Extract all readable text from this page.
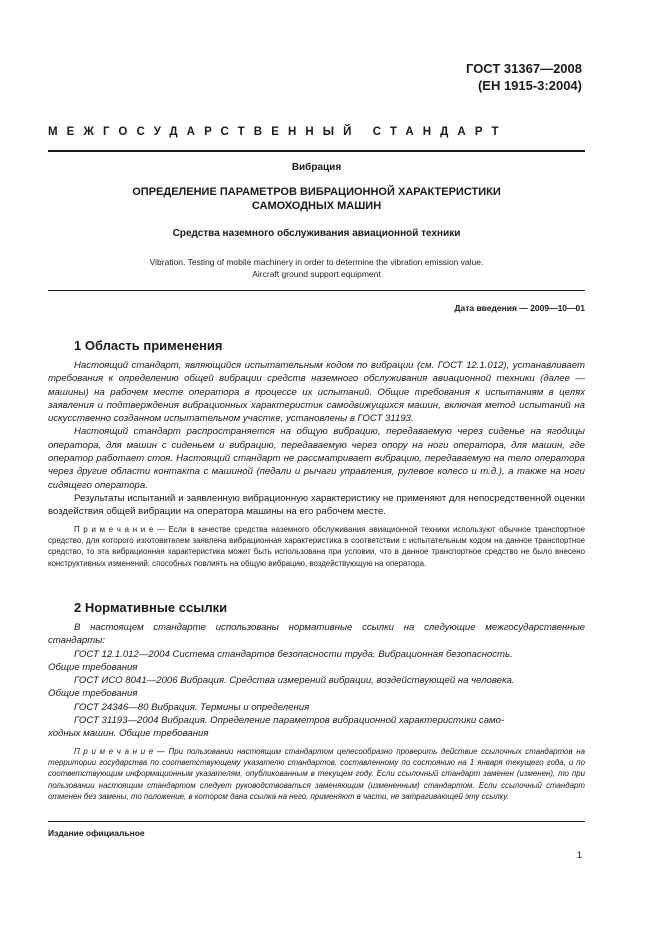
ГОСТ 31367—2008
(ЕН 1915-3:2004)
МЕЖГОСУДАРСТВЕННЫЙ СТАНДАРТ
Вибрация
ОПРЕДЕЛЕНИЕ ПАРАМЕТРОВ ВИБРАЦИОННОЙ ХАРАКТЕРИСТИКИ
САМОХОДНЫХ МАШИН
Средства наземного обслуживания авиационной техники
Vibration. Testing of mobile machinery in order to determine the vibration emission value.
Aircraft ground support equipment
Дата введения — 2009—10—01
1 Область применения

Настоящий стандарт, являющийся испытательным кодом по вибрации (см. ГОСТ 12.1.012), устанавливает требования к определению общей вибрации средств наземного обслуживания авиационной техники (далее — машины) на рабочем месте оператора в процессе их испытаний. Общие требования к испытаниям в целях заявления и подтверждения вибрационных характеристик самодвижущихся машин, включая метод испытаний на искусственно созданном испытательном участке, установлены в ГОСТ 31193.

Настоящий стандарт распространяется на общую вибрацию, передаваемую через сиденье на ягодицы оператора, для машин с сиденьем и вибрацию, передаваемую через опору на ноги оператора, для машин, где оператор работает стоя. Настоящий стандарт не рассматривает вибрацию, передаваемую на тело оператора через другие области контакта с машиной (педали и рычаги управления, рулевое колесо и т.д.), а также на ноги сидящего оператора.

Результаты испытаний и заявленную вибрационную характеристику не применяют для непосредственной оценки воздействия общей вибрации на оператора машины на его рабочем месте.

П р и м е ч а н и е — Если в качестве средства наземного обслуживания авиационной техники используют обычное транспортное средство, для которого изготовителем заявлена вибрационная характеристика в соответствии с испытательным кодом на данное транспортное средство, то эта вибрационная характеристика может быть использована при условии, что в данное транспортное средство не было внесено конструктивных изменений, способных повлиять на общую вибрацию, воздействующую на оператора.

2 Нормативные ссылки

В настоящем стандарте использованы нормативные ссылки на следующие межгосударственные стандарты:

ГОСТ 12.1.012—2004 Система стандартов безопасности труда. Вибрационная безопасность.

Общие требования

ГОСТ ИСО 8041—2006 Вибрация. Средства измерений вибрации, воздействующей на человека.

Общие требования

ГОСТ 24346—80 Вибрация. Термины и определения

ГОСТ 31193—2004 Вибрация. Определение параметров вибрационной характеристики само-

ходных машин. Общие требования

П р и м е ч а н и е — При пользовании настоящим стандартом целесообразно проверить действие ссылочных стандартов на территории государства по соответствующему указателю стандартов, составленному по состоянию на 1 января текущего года, и по соответствующим информационным указателям, опубликованным в текущем году. Если ссылочный стандарт заменен (изменен), то при пользовании настоящим стандартом следует руководствоваться заменяющим (измененным) стандартом. Если ссылочный стандарт отменен без замены, то положение, в котором дана ссылка на него, применяют в части, не затрагивающей эту ссылку.

Издание официальное
1
